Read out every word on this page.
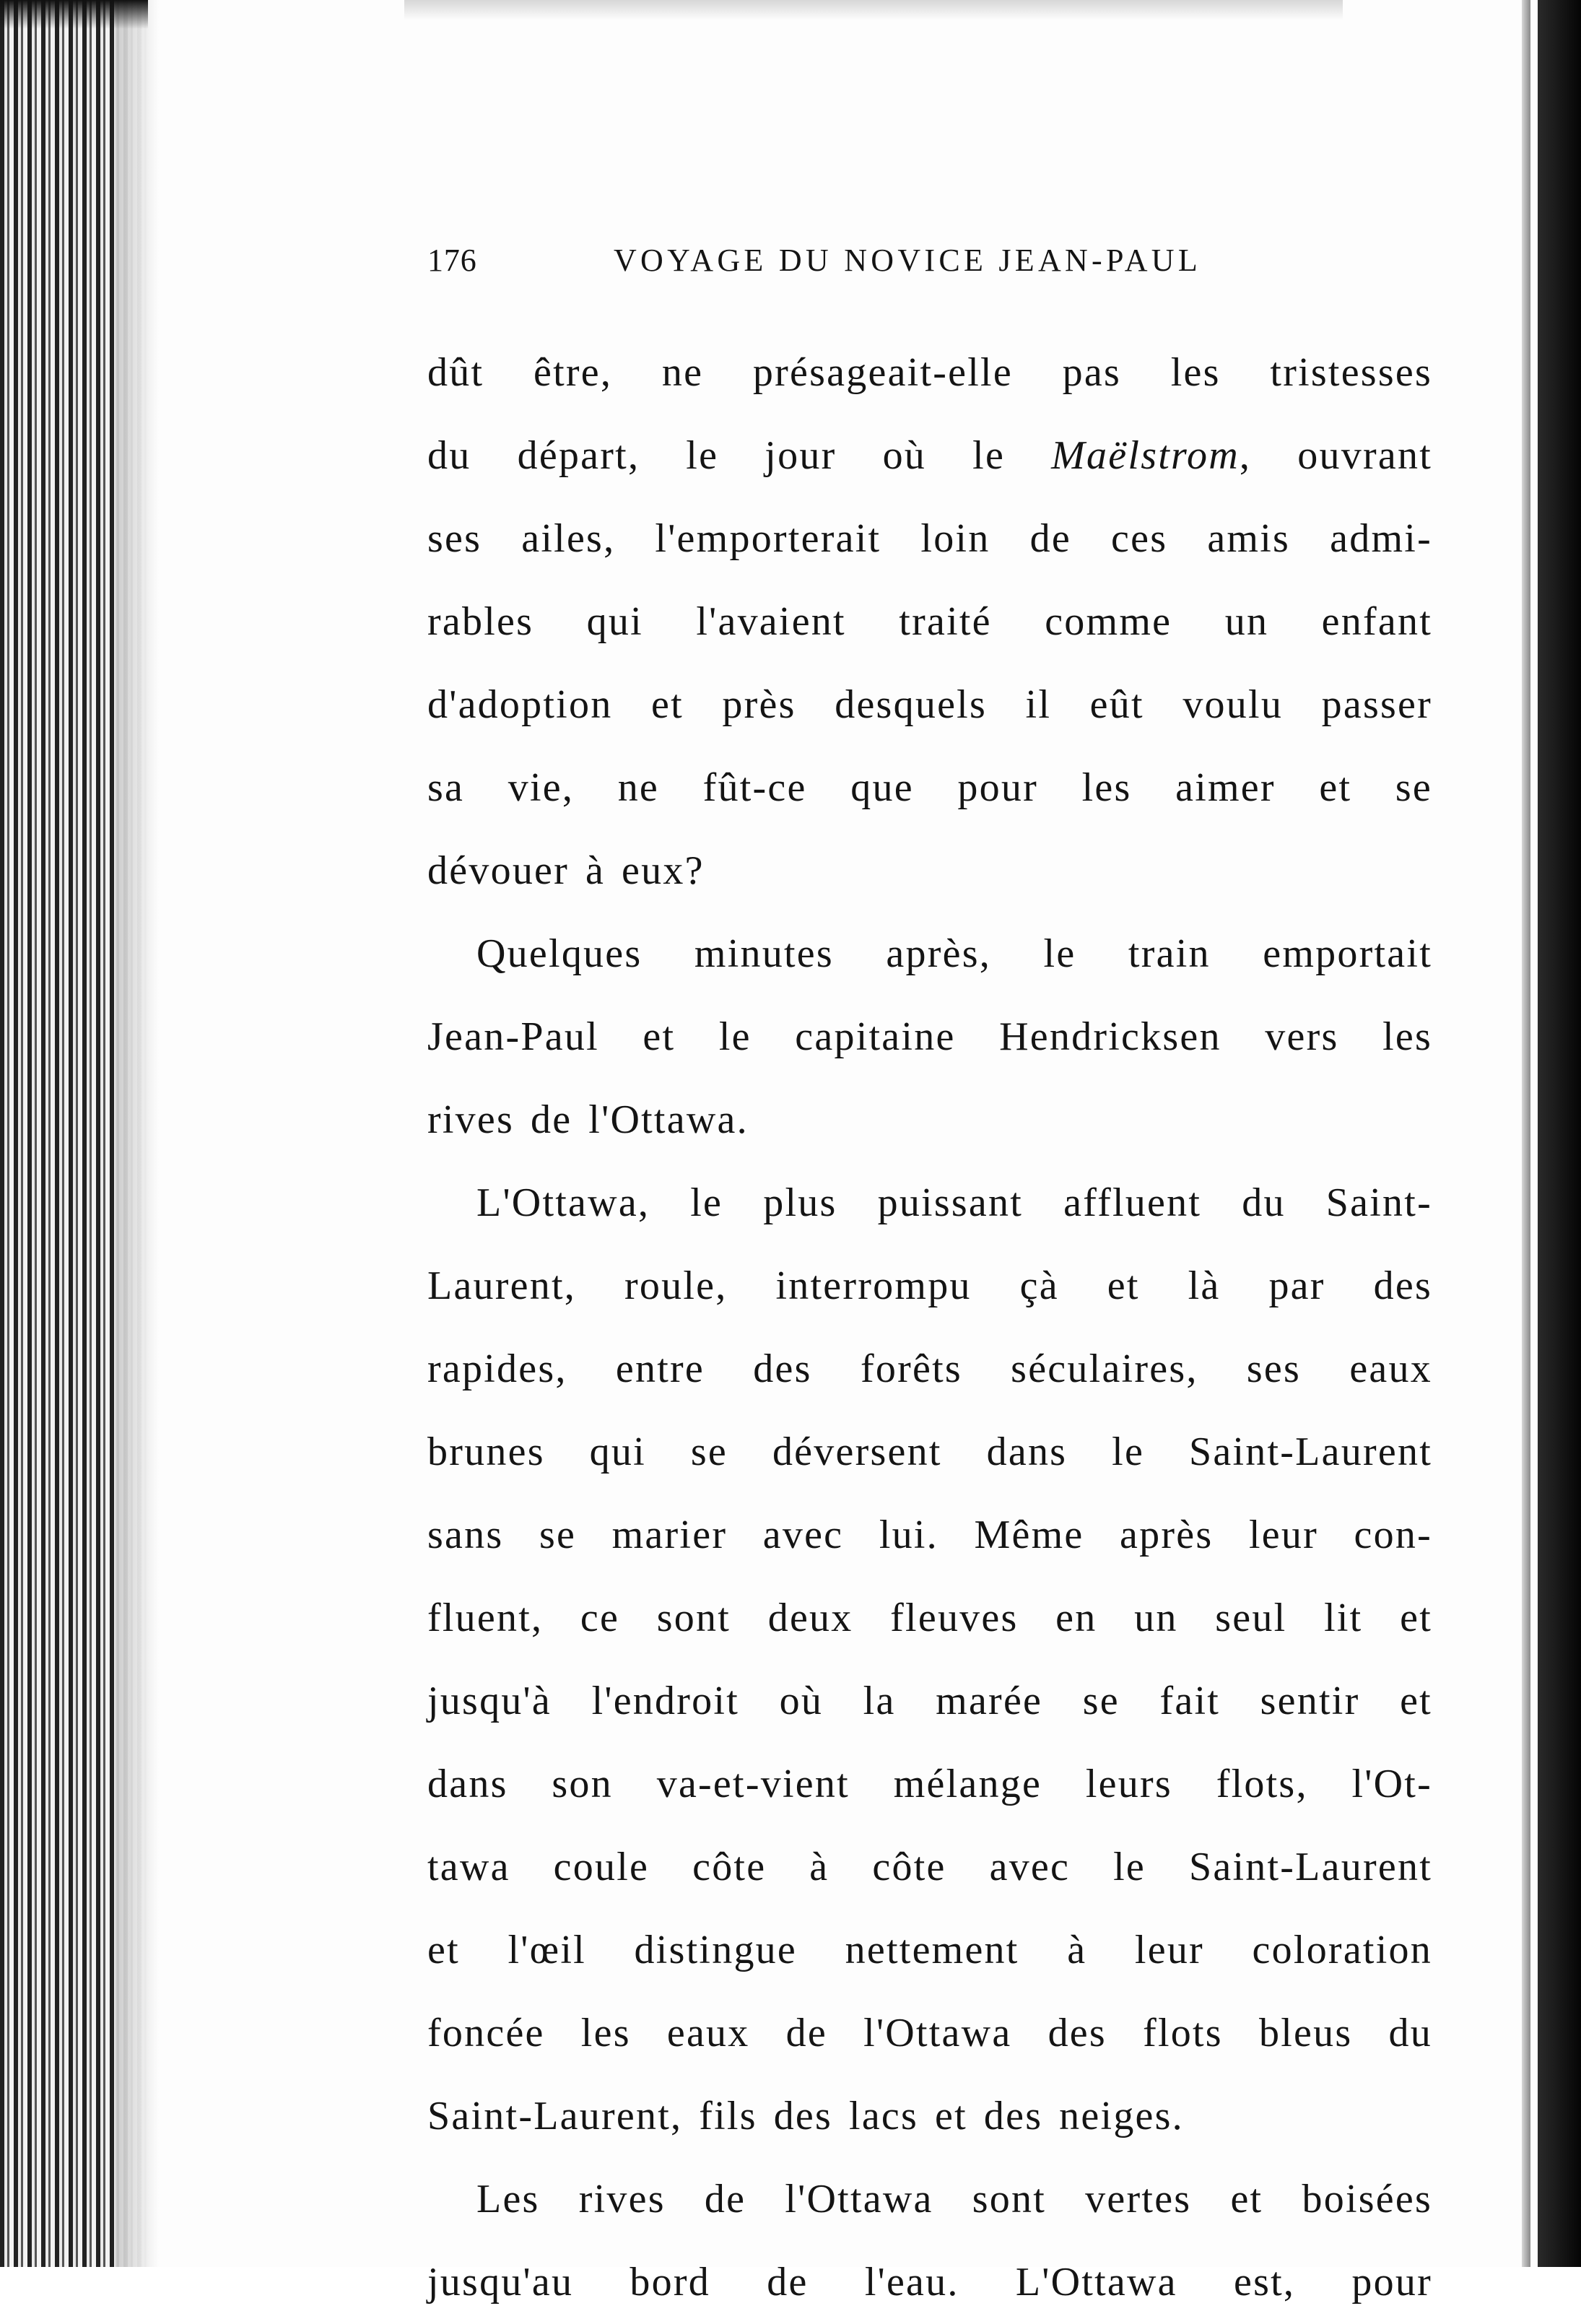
176	VOYAGE DU NOVICE JEAN-PAUL
dût être, ne présageait-elle pas les tristesses
du départ, le jour où le Maëlstrom, ouvrant
ses ailes, l'emporterait loin de ces amis admi-
rables qui l'avaient traité comme un enfant
d'adoption et près desquels il eût voulu passer
sa vie, ne fût-ce que pour les aimer et se
dévouer à eux?
Quelques minutes après, le train emportait
Jean-Paul et le capitaine Hendricksen vers les
rives de l'Ottawa.
L'Ottawa, le plus puissant affluent du Saint-
Laurent, roule, interrompu çà et là par des
rapides, entre des forêts séculaires, ses eaux
brunes qui se déversent dans le Saint-Laurent
sans se marier avec lui. Même après leur con-
fluent, ce sont deux fleuves en un seul lit et
jusqu'à l'endroit où la marée se fait sentir et
dans son va-et-vient mélange leurs flots, l'Ot-
tawa coule côte à côte avec le Saint-Laurent
et l'œil distingue nettement à leur coloration
foncée les eaux de l'Ottawa des flots bleus du
Saint-Laurent, fils des lacs et des neiges.
Les rives de l'Ottawa sont vertes et boisées
jusqu'au bord de l'eau. L'Ottawa est, pour
